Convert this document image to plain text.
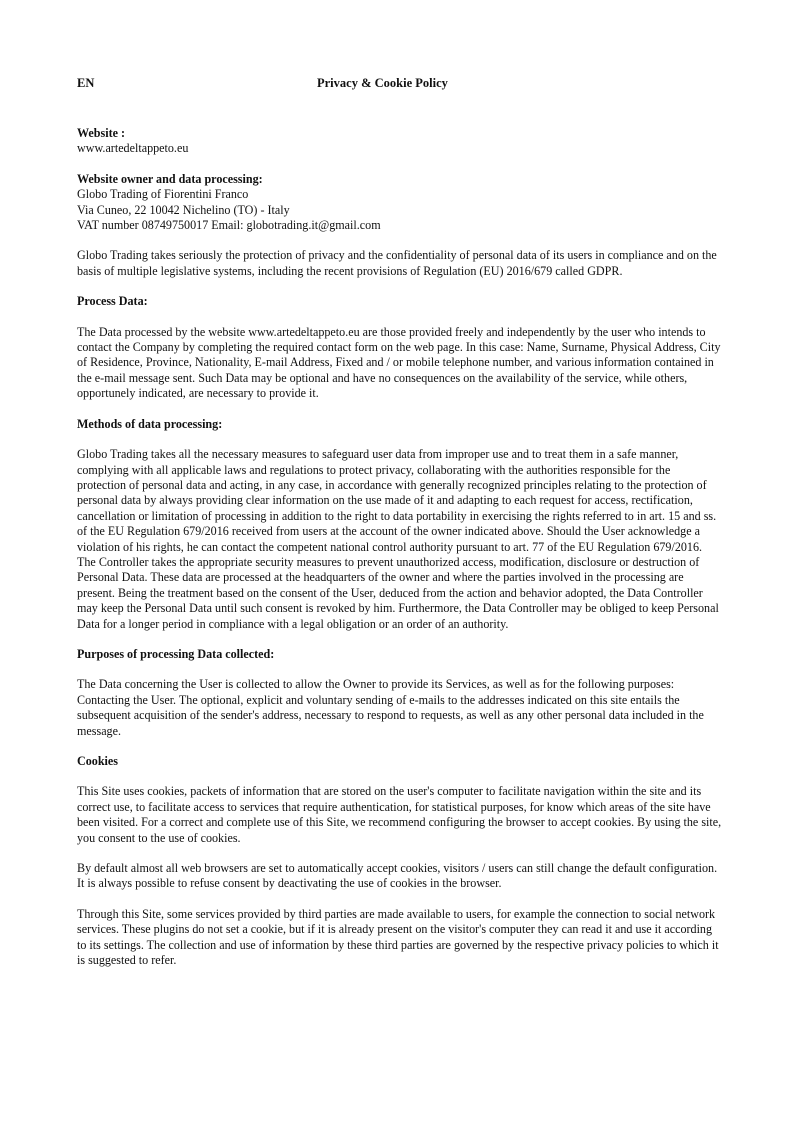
EN	Privacy & Cookie Policy
Website :
www.artedeltappeto.eu
Website owner and data processing:
Globo Trading of Fiorentini Franco
Via Cuneo, 22 10042 Nichelino (TO) - Italy
VAT number 08749750017 Email: globotrading.it@gmail.com

Globo Trading takes seriously the protection of privacy and the confidentiality of personal data of its users in compliance and on the basis of multiple legislative systems, including the recent provisions of Regulation (EU) 2016/679 called GDPR.

Process Data:

The Data processed by the website www.artedeltappeto.eu are those provided freely and independently by the user who intends to contact the Company by completing the required contact form on the web page. In this case: Name, Surname, Physical Address, City of Residence, Province, Nationality, E-mail Address, Fixed and / or mobile telephone number, and various information contained in the e-mail message sent. Such Data may be optional and have no consequences on the availability of the service, while others, opportunely indicated, are necessary to provide it.

Methods of data processing:

Globo Trading takes all the necessary measures to safeguard user data from improper use and to treat them in a safe manner, complying with all applicable laws and regulations to protect privacy, collaborating with the authorities responsible for the protection of personal data and acting, in any case, in accordance with generally recognized principles relating to the protection of personal data by always providing clear information on the use made of it and adapting to each request for access, rectification, cancellation or limitation of processing in addition to the right to data portability in exercising the rights referred to in art. 15 and ss. of the EU Regulation 679/2016 received from users at the account of the owner indicated above. Should the User acknowledge a violation of his rights, he can contact the competent national control authority pursuant to art. 77 of the EU Regulation 679/2016. The Controller takes the appropriate security measures to prevent unauthorized access, modification, disclosure or destruction of Personal Data. These data are processed at the headquarters of the owner and where the parties involved in the processing are present. Being the treatment based on the consent of the User, deduced from the action and behavior adopted, the Data Controller may keep the Personal Data until such consent is revoked by him. Furthermore, the Data Controller may be obliged to keep Personal Data for a longer period in compliance with a legal obligation or an order of an authority.

Purposes of processing Data collected:

The Data concerning the User is collected to allow the Owner to provide its Services, as well as for the following purposes: Contacting the User. The optional, explicit and voluntary sending of e-mails to the addresses indicated on this site entails the subsequent acquisition of the sender's address, necessary to respond to requests, as well as any other personal data included in the message.

Cookies

This Site uses cookies, packets of information that are stored on the user's computer to facilitate navigation within the site and its correct use, to facilitate access to services that require authentication, for statistical purposes, for know which areas of the site have been visited. For a correct and complete use of this Site, we recommend configuring the browser to accept cookies. By using the site, you consent to the use of cookies.

By default almost all web browsers are set to automatically accept cookies, visitors / users can still change the default configuration. It is always possible to refuse consent by deactivating the use of cookies in the browser.

Through this Site, some services provided by third parties are made available to users, for example the connection to social network services. These plugins do not set a cookie, but if it is already present on the visitor's computer they can read it and use it according to its settings. The collection and use of information by these third parties are governed by the respective privacy policies to which it is suggested to refer.
